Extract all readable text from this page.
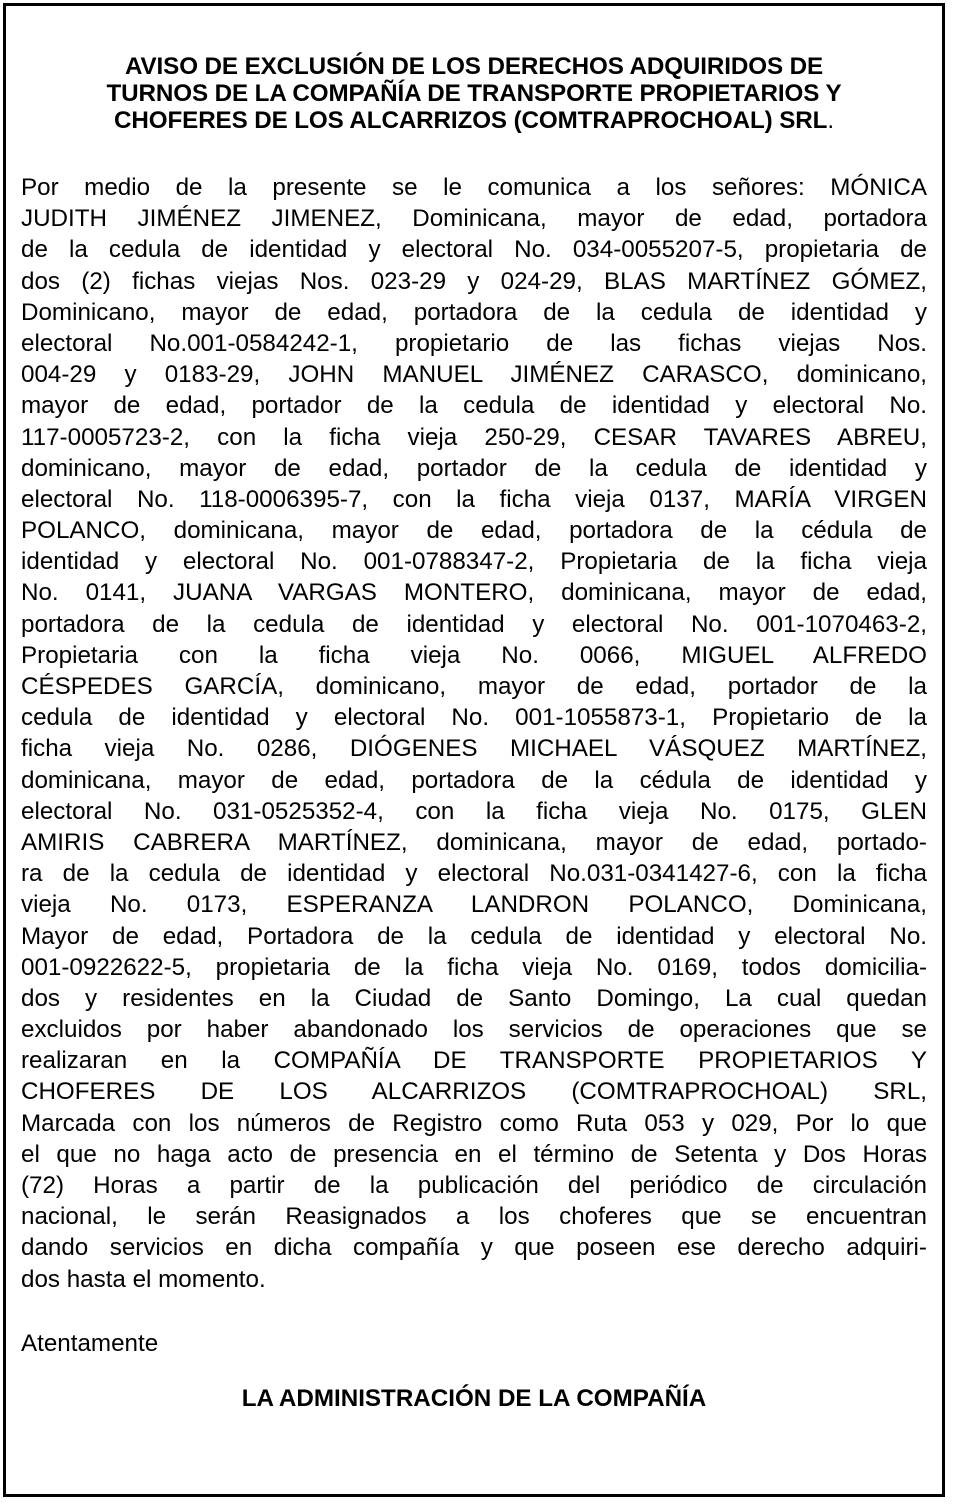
AVISO DE EXCLUSIÓN DE LOS DERECHOS ADQUIRIDOS DE
TURNOS DE LA COMPAÑÍA DE TRANSPORTE PROPIETARIOS Y
CHOFERES DE LOS ALCARRIZOS (COMTRAPROCHOAL) SRL.
Por medio de la presente se le comunica a los señores: MÓNICA
JUDITH JIMÉNEZ JIMENEZ, Dominicana, mayor de edad, portadora
de la cedula de identidad y electoral No. 034-0055207-5, propietaria de
dos (2) fichas viejas Nos. 023-29 y 024-29, BLAS MARTÍNEZ GÓMEZ,
Dominicano, mayor de edad, portadora de la cedula de identidad y
electoral No.001-0584242-1, propietario de las fichas viejas Nos.
004-29 y 0183-29, JOHN MANUEL JIMÉNEZ CARASCO, dominicano,
mayor de edad, portador de la cedula de identidad y electoral No.
117-0005723-2, con la ficha vieja 250-29, CESAR TAVARES ABREU,
dominicano, mayor de edad, portador de la cedula de identidad y
electoral No. 118-0006395-7, con la ficha vieja 0137, MARÍA VIRGEN
POLANCO, dominicana, mayor de edad, portadora de la cédula de
identidad y electoral No. 001-0788347-2, Propietaria de la ficha vieja
No. 0141, JUANA VARGAS MONTERO, dominicana, mayor de edad,
portadora de la cedula de identidad y electoral No. 001-1070463-2,
Propietaria con la ficha vieja No. 0066, MIGUEL ALFREDO
CÉSPEDES GARCÍA, dominicano, mayor de edad, portador de la
cedula de identidad y electoral No. 001-1055873-1, Propietario de la
ficha vieja No. 0286, DIÓGENES MICHAEL VÁSQUEZ MARTÍNEZ,
dominicana, mayor de edad, portadora de la cédula de identidad y
electoral No. 031-0525352-4, con la ficha vieja No. 0175, GLEN
AMIRIS CABRERA MARTÍNEZ, dominicana, mayor de edad, portado-
ra de la cedula de identidad y electoral No.031-0341427-6, con la ficha
vieja No. 0173, ESPERANZA LANDRON POLANCO, Dominicana,
Mayor de edad, Portadora de la cedula de identidad y electoral No.
001-0922622-5, propietaria de la ficha vieja No. 0169, todos domicilia-
dos y residentes en la Ciudad de Santo Domingo, La cual quedan
excluidos por haber abandonado los servicios de operaciones que se
realizaran en la COMPAÑÍA DE TRANSPORTE PROPIETARIOS Y
CHOFERES DE LOS ALCARRIZOS (COMTRAPROCHOAL) SRL,
Marcada con los números de Registro como Ruta 053 y 029, Por lo que
el que no haga acto de presencia en el término de Setenta y Dos Horas
(72) Horas a partir de la publicación del periódico de circulación
nacional, le serán Reasignados a los choferes que se encuentran
dando servicios en dicha compañía y que poseen ese derecho adquiri-
dos hasta el momento.

Atentamente

LA ADMINISTRACIÓN DE LA COMPAÑÍA
